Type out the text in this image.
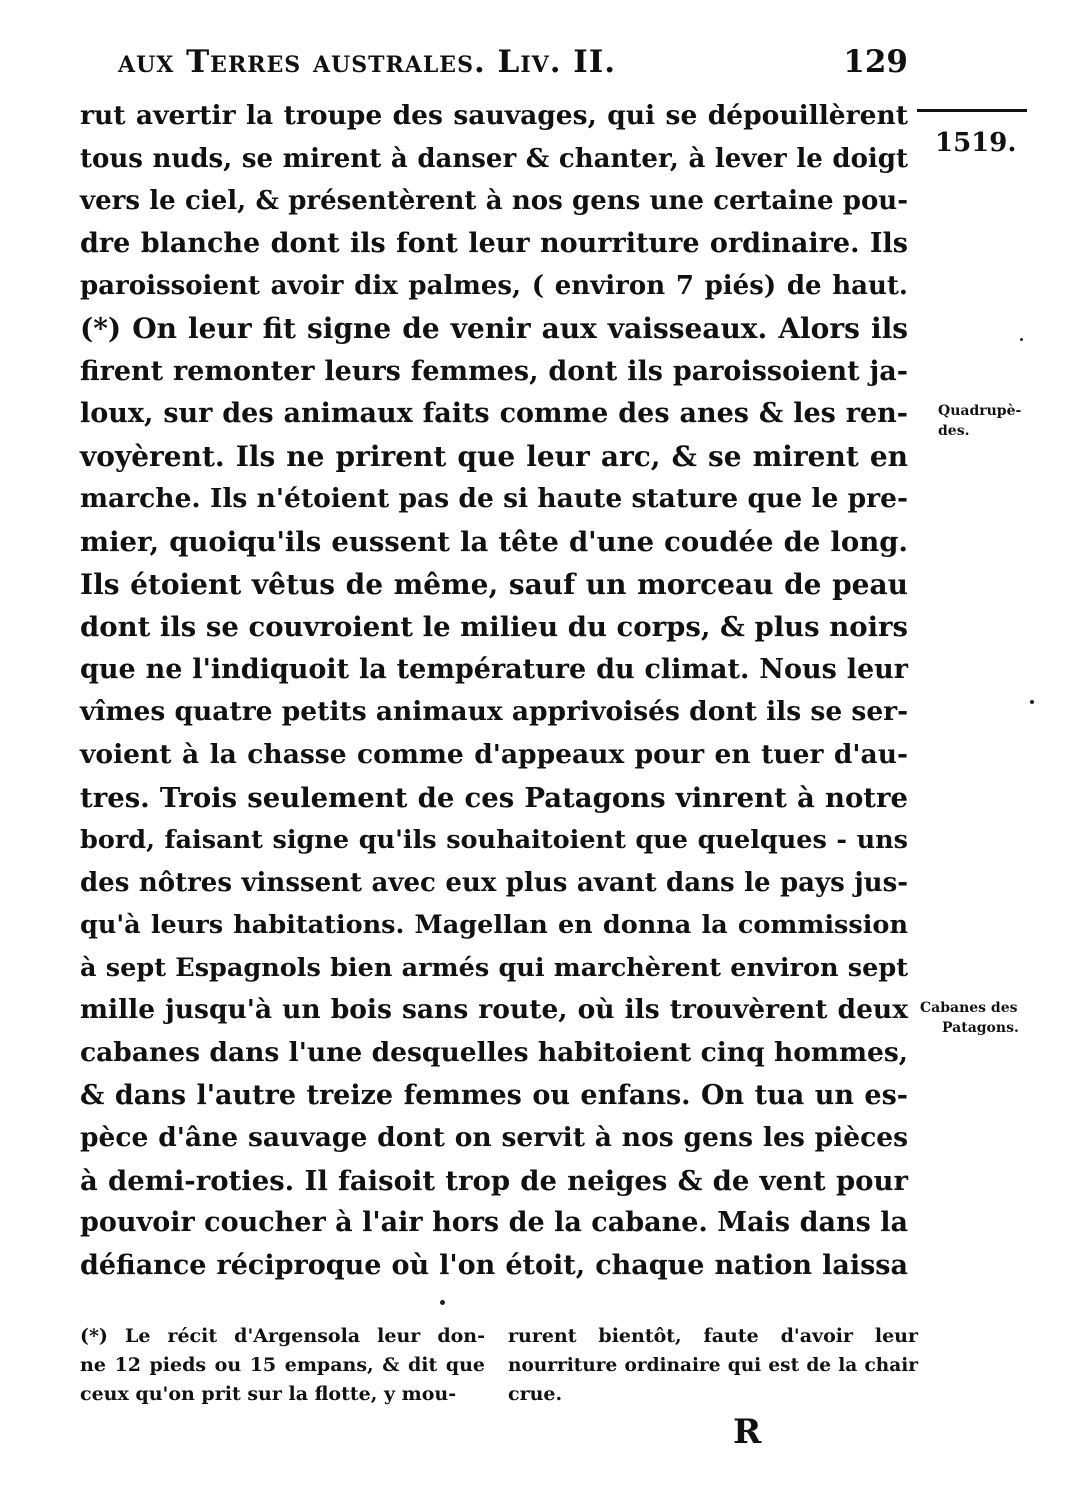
aux Terres australes. Liv. II.	129
1519.
Quadrupè-
des.
Cabanes des
Patagons.
rut avertir la troupe des sauvages, qui se dépouillèrent
tous nuds, se mirent à danser & chanter, à lever le doigt
vers le ciel, & présentèrent à nos gens une certaine pou-
dre blanche dont ils font leur nourriture ordinaire. Ils
paroissoient avoir dix palmes, ( environ 7 piés) de haut.
(*) On leur fit signe de venir aux vaisseaux. Alors ils
firent remonter leurs femmes, dont ils paroissoient ja-
loux, sur des animaux faits comme des anes & les ren-
voyèrent. Ils ne prirent que leur arc, & se mirent en
marche. Ils n'étoient pas de si haute stature que le pre-
mier, quoiqu'ils eussent la tête d'une coudée de long.
Ils étoient vêtus de même, sauf un morceau de peau
dont ils se couvroient le milieu du corps, & plus noirs
que ne l'indiquoit la température du climat. Nous leur
vîmes quatre petits animaux apprivoisés dont ils se ser-
voient à la chasse comme d'appeaux pour en tuer d'au-
tres. Trois seulement de ces Patagons vinrent à notre
bord, faisant signe qu'ils souhaitoient que quelques - uns
des nôtres vinssent avec eux plus avant dans le pays jus-
qu'à leurs habitations. Magellan en donna la commission
à sept Espagnols bien armés qui marchèrent environ sept
mille jusqu'à un bois sans route, où ils trouvèrent deux
cabanes dans l'une desquelles habitoient cinq hommes,
& dans l'autre treize femmes ou enfans. On tua un es-
pèce d'âne sauvage dont on servit à nos gens les pièces
à demi-roties. Il faisoit trop de neiges & de vent pour
pouvoir coucher à l'air hors de la cabane. Mais dans la
défiance réciproque où l'on étoit, chaque nation laissa
(*) Le récit d'Argensola leur don-
ne 12 pieds ou 15 empans, & dit que
ceux qu'on prit sur la flotte, y mou-
rurent bientôt, faute d'avoir leur
nourriture ordinaire qui est de la chair
crue.
R
